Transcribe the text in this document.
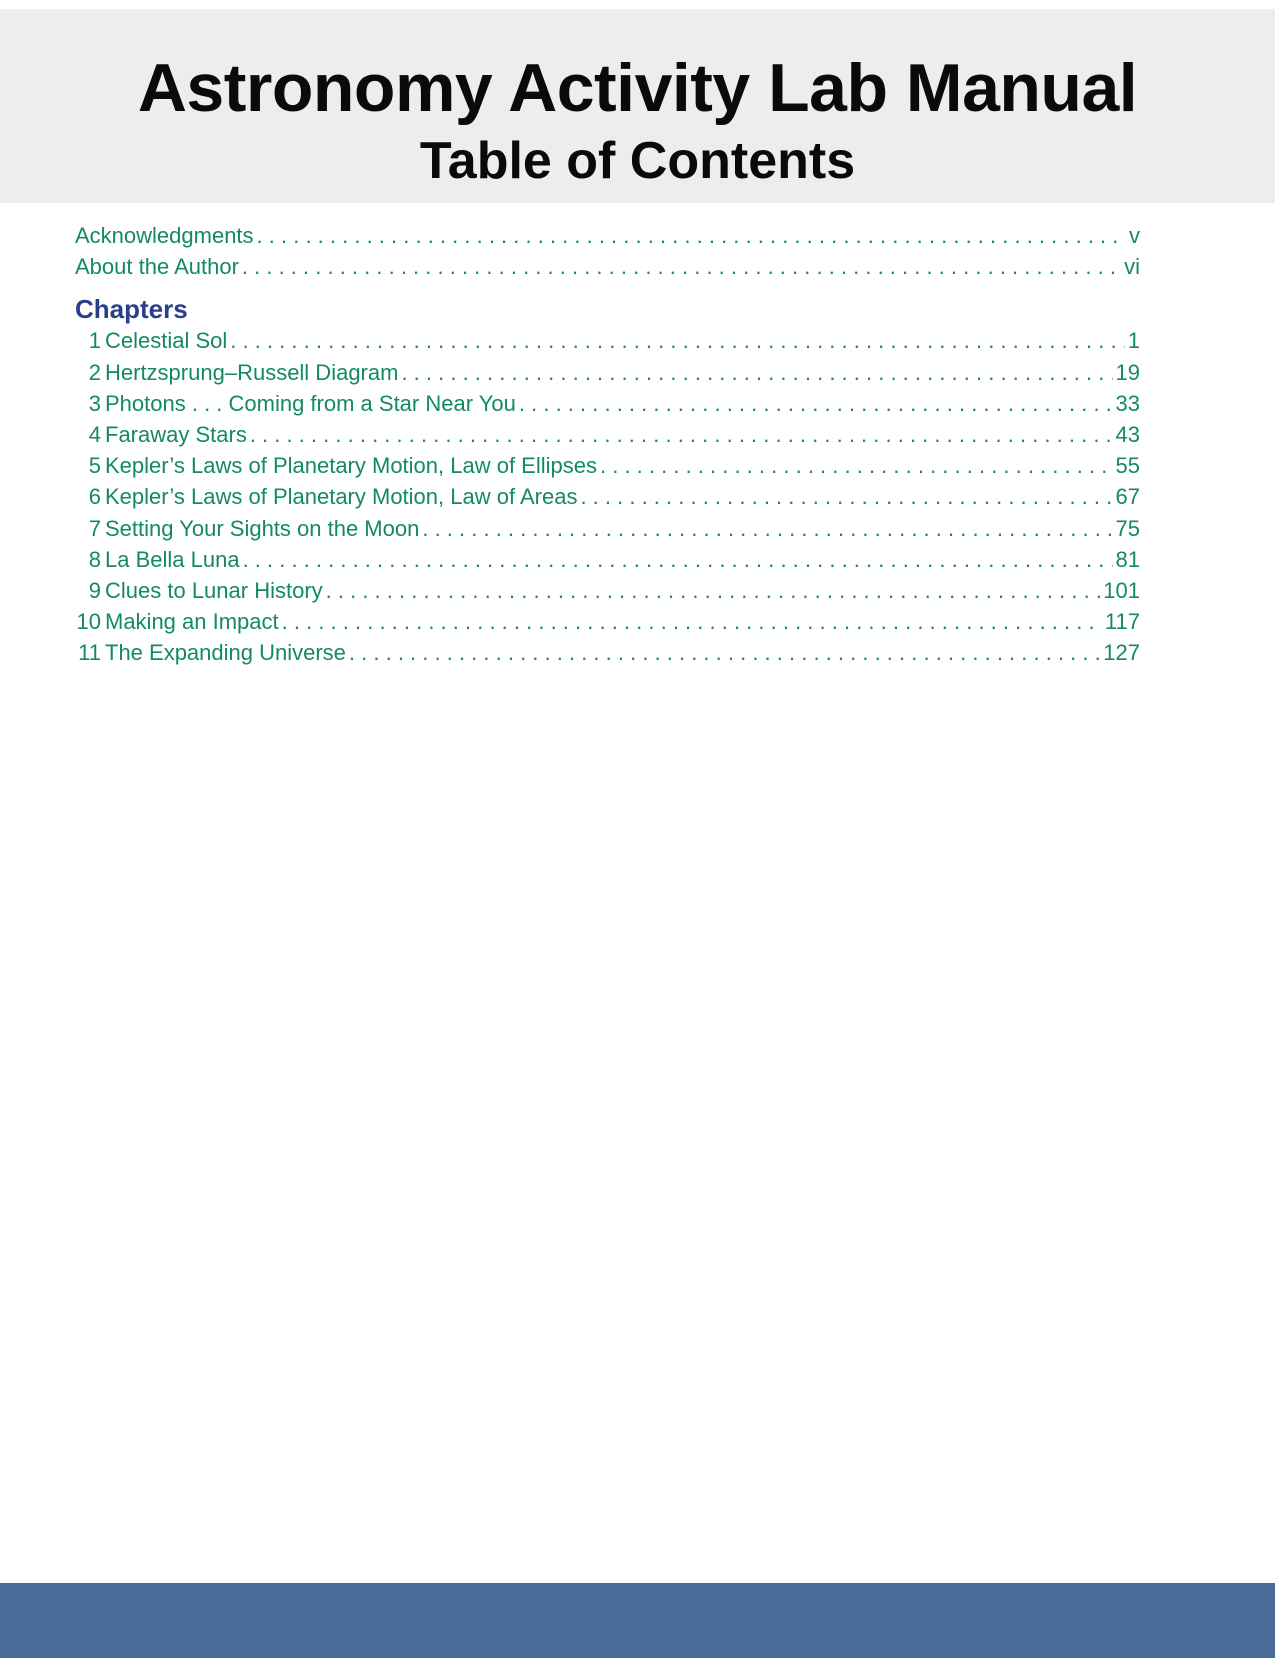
Astronomy Activity Lab Manual
Table of Contents
Acknowledgments . . .	v
About the Author . . .	vi
Chapters
1 Celestial Sol . . .	1
2 Hertzsprung–Russell Diagram . . .	19
3 Photons . . . Coming from a Star Near You . . .	33
4 Faraway Stars . . .	43
5 Kepler’s Laws of Planetary Motion, Law of Ellipses . . .	55
6 Kepler’s Laws of Planetary Motion, Law of Areas . . .	67
7 Setting Your Sights on the Moon . . .	75
8 La Bella Luna . . .	81
9 Clues to Lunar History . . .	101
10 Making an Impact . . .	117
11 The Expanding Universe . . .	127
